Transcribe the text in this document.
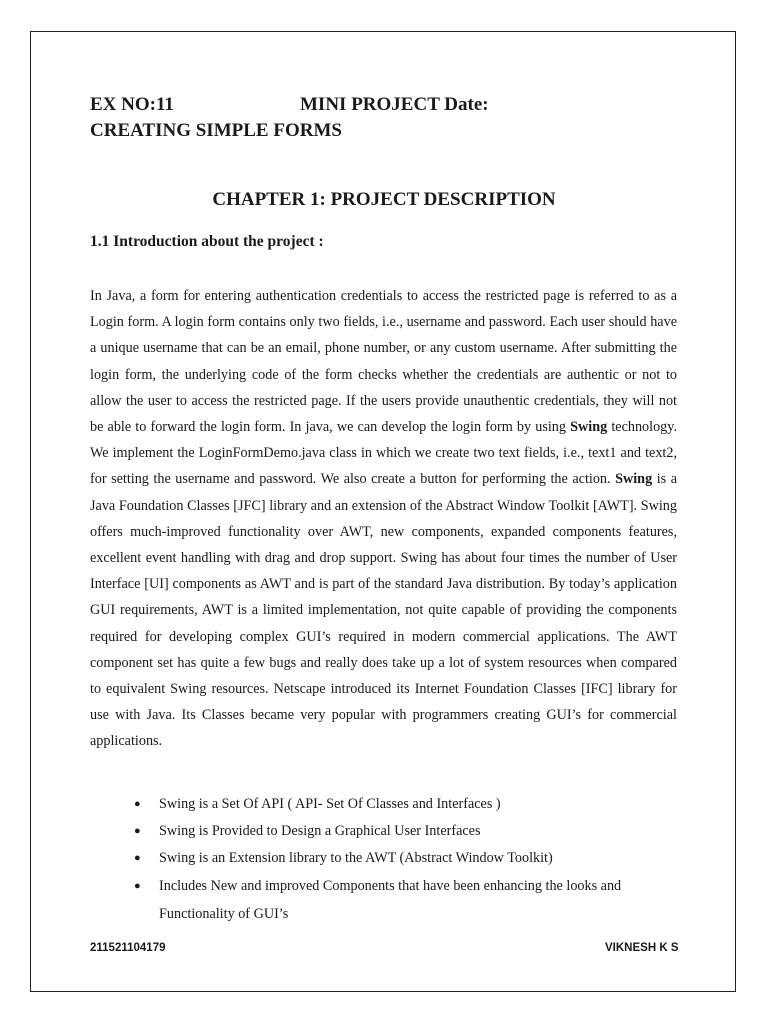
EX NO:11	MINI PROJECT Date:
CREATING SIMPLE FORMS
CHAPTER 1: PROJECT DESCRIPTION
1.1 Introduction about the project :

In Java, a form for entering authentication credentials to access the restricted page is referred to as a Login form. A login form contains only two fields, i.e., username and password. Each user should have a unique username that can be an email, phone number, or any custom username. After submitting the login form, the underlying code of the form checks whether the credentials are authentic or not to allow the user to access the restricted page. If the users provide unauthentic credentials, they will not be able to forward the login form. In java, we can develop the login form by using Swing technology. We implement the LoginFormDemo.java class in which we create two text fields, i.e., text1 and text2, for setting the username and password. We also create a button for performing the action. Swing is a Java Foundation Classes [JFC] library and an extension of the Abstract Window Toolkit [AWT]. Swing offers much-improved functionality over AWT, new components, expanded components features, excellent event handling with drag and drop support. Swing has about four times the number of User Interface [UI] components as AWT and is part of the standard Java distribution. By today’s application GUI requirements, AWT is a limited implementation, not quite capable of providing the components required for developing complex GUI’s required in modern commercial applications. The AWT component set has quite a few bugs and really does take up a lot of system resources when compared to equivalent Swing resources. Netscape introduced its Internet Foundation Classes [IFC] library for use with Java. Its Classes became very popular with programmers creating GUI’s for commercial applications.

● Swing is a Set Of API ( API- Set Of Classes and Interfaces )
● Swing is Provided to Design a Graphical User Interfaces
● Swing is an Extension library to the AWT (Abstract Window Toolkit)
● Includes New and improved Components that have been enhancing the looks and Functionality of GUI’s
211521104179	VIKNESH K S
